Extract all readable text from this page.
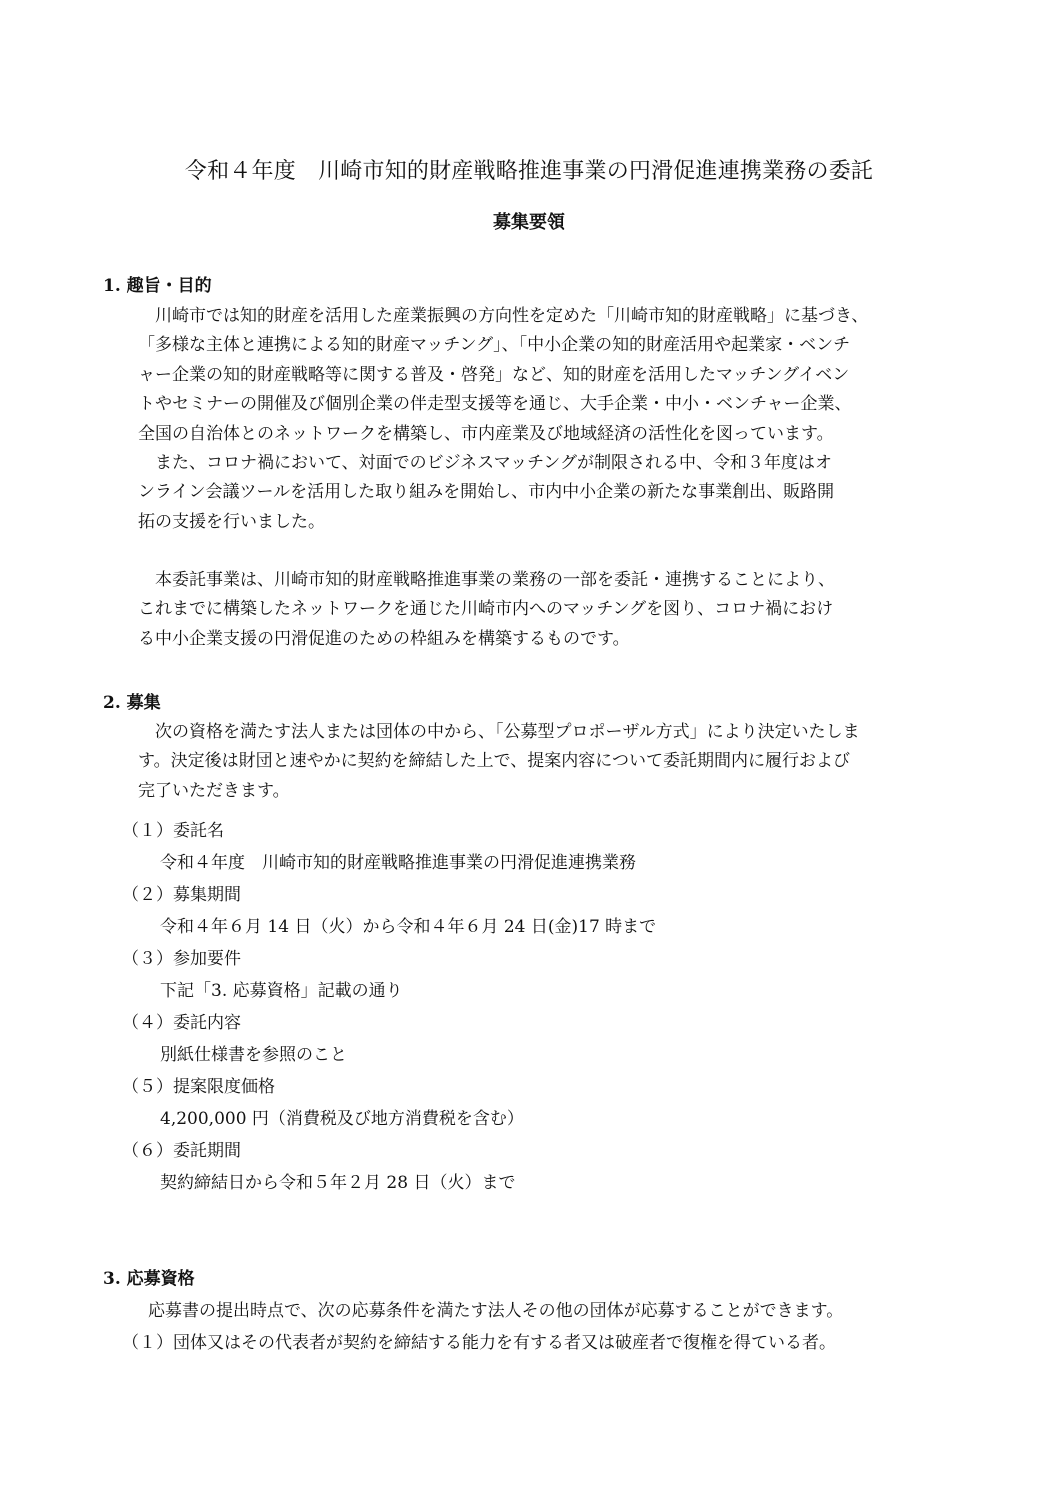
令和４年度　川崎市知的財産戦略推進事業の円滑促進連携業務の委託
募集要領
1. 趣旨・目的

　川崎市では知的財産を活用した産業振興の方向性を定めた「川崎市知的財産戦略」に基づき、
「多様な主体と連携による知的財産マッチング」、「中小企業の知的財産活用や起業家・ベンチ
ャー企業の知的財産戦略等に関する普及・啓発」など、知的財産を活用したマッチングイベン
トやセミナーの開催及び個別企業の伴走型支援等を通じ、大手企業・中小・ベンチャー企業、
全国の自治体とのネットワークを構築し、市内産業及び地域経済の活性化を図っています。

　また、コロナ禍において、対面でのビジネスマッチングが制限される中、令和３年度はオ
ンライン会議ツールを活用した取り組みを開始し、市内中小企業の新たな事業創出、販路開
拓の支援を行いました。

　本委託事業は、川崎市知的財産戦略推進事業の業務の一部を委託・連携することにより、
これまでに構築したネットワークを通じた川崎市内へのマッチングを図り、コロナ禍におけ
る中小企業支援の円滑促進のための枠組みを構築するものです。

2. 募集

　次の資格を満たす法人または団体の中から、「公募型プロポーザル方式」により決定いたしま
す。決定後は財団と速やかに契約を締結した上で、提案内容について委託期間内に履行および
完了いただきます。

（１）委託名
令和４年度　川崎市知的財産戦略推進事業の円滑促進連携業務
（２）募集期間
令和４年６月 14 日（火）から令和４年６月 24 日(金)17 時まで
（３）参加要件
下記「3. 応募資格」記載の通り
（４）委託内容
別紙仕様書を参照のこと
（５）提案限度価格
4,200,000 円（消費税及び地方消費税を含む）
（６）委託期間
契約締結日から令和５年２月 28 日（火）まで
3. 応募資格
応募書の提出時点で、次の応募条件を満たす法人その他の団体が応募することができます。
（１）団体又はその代表者が契約を締結する能力を有する者又は破産者で復権を得ている者。
